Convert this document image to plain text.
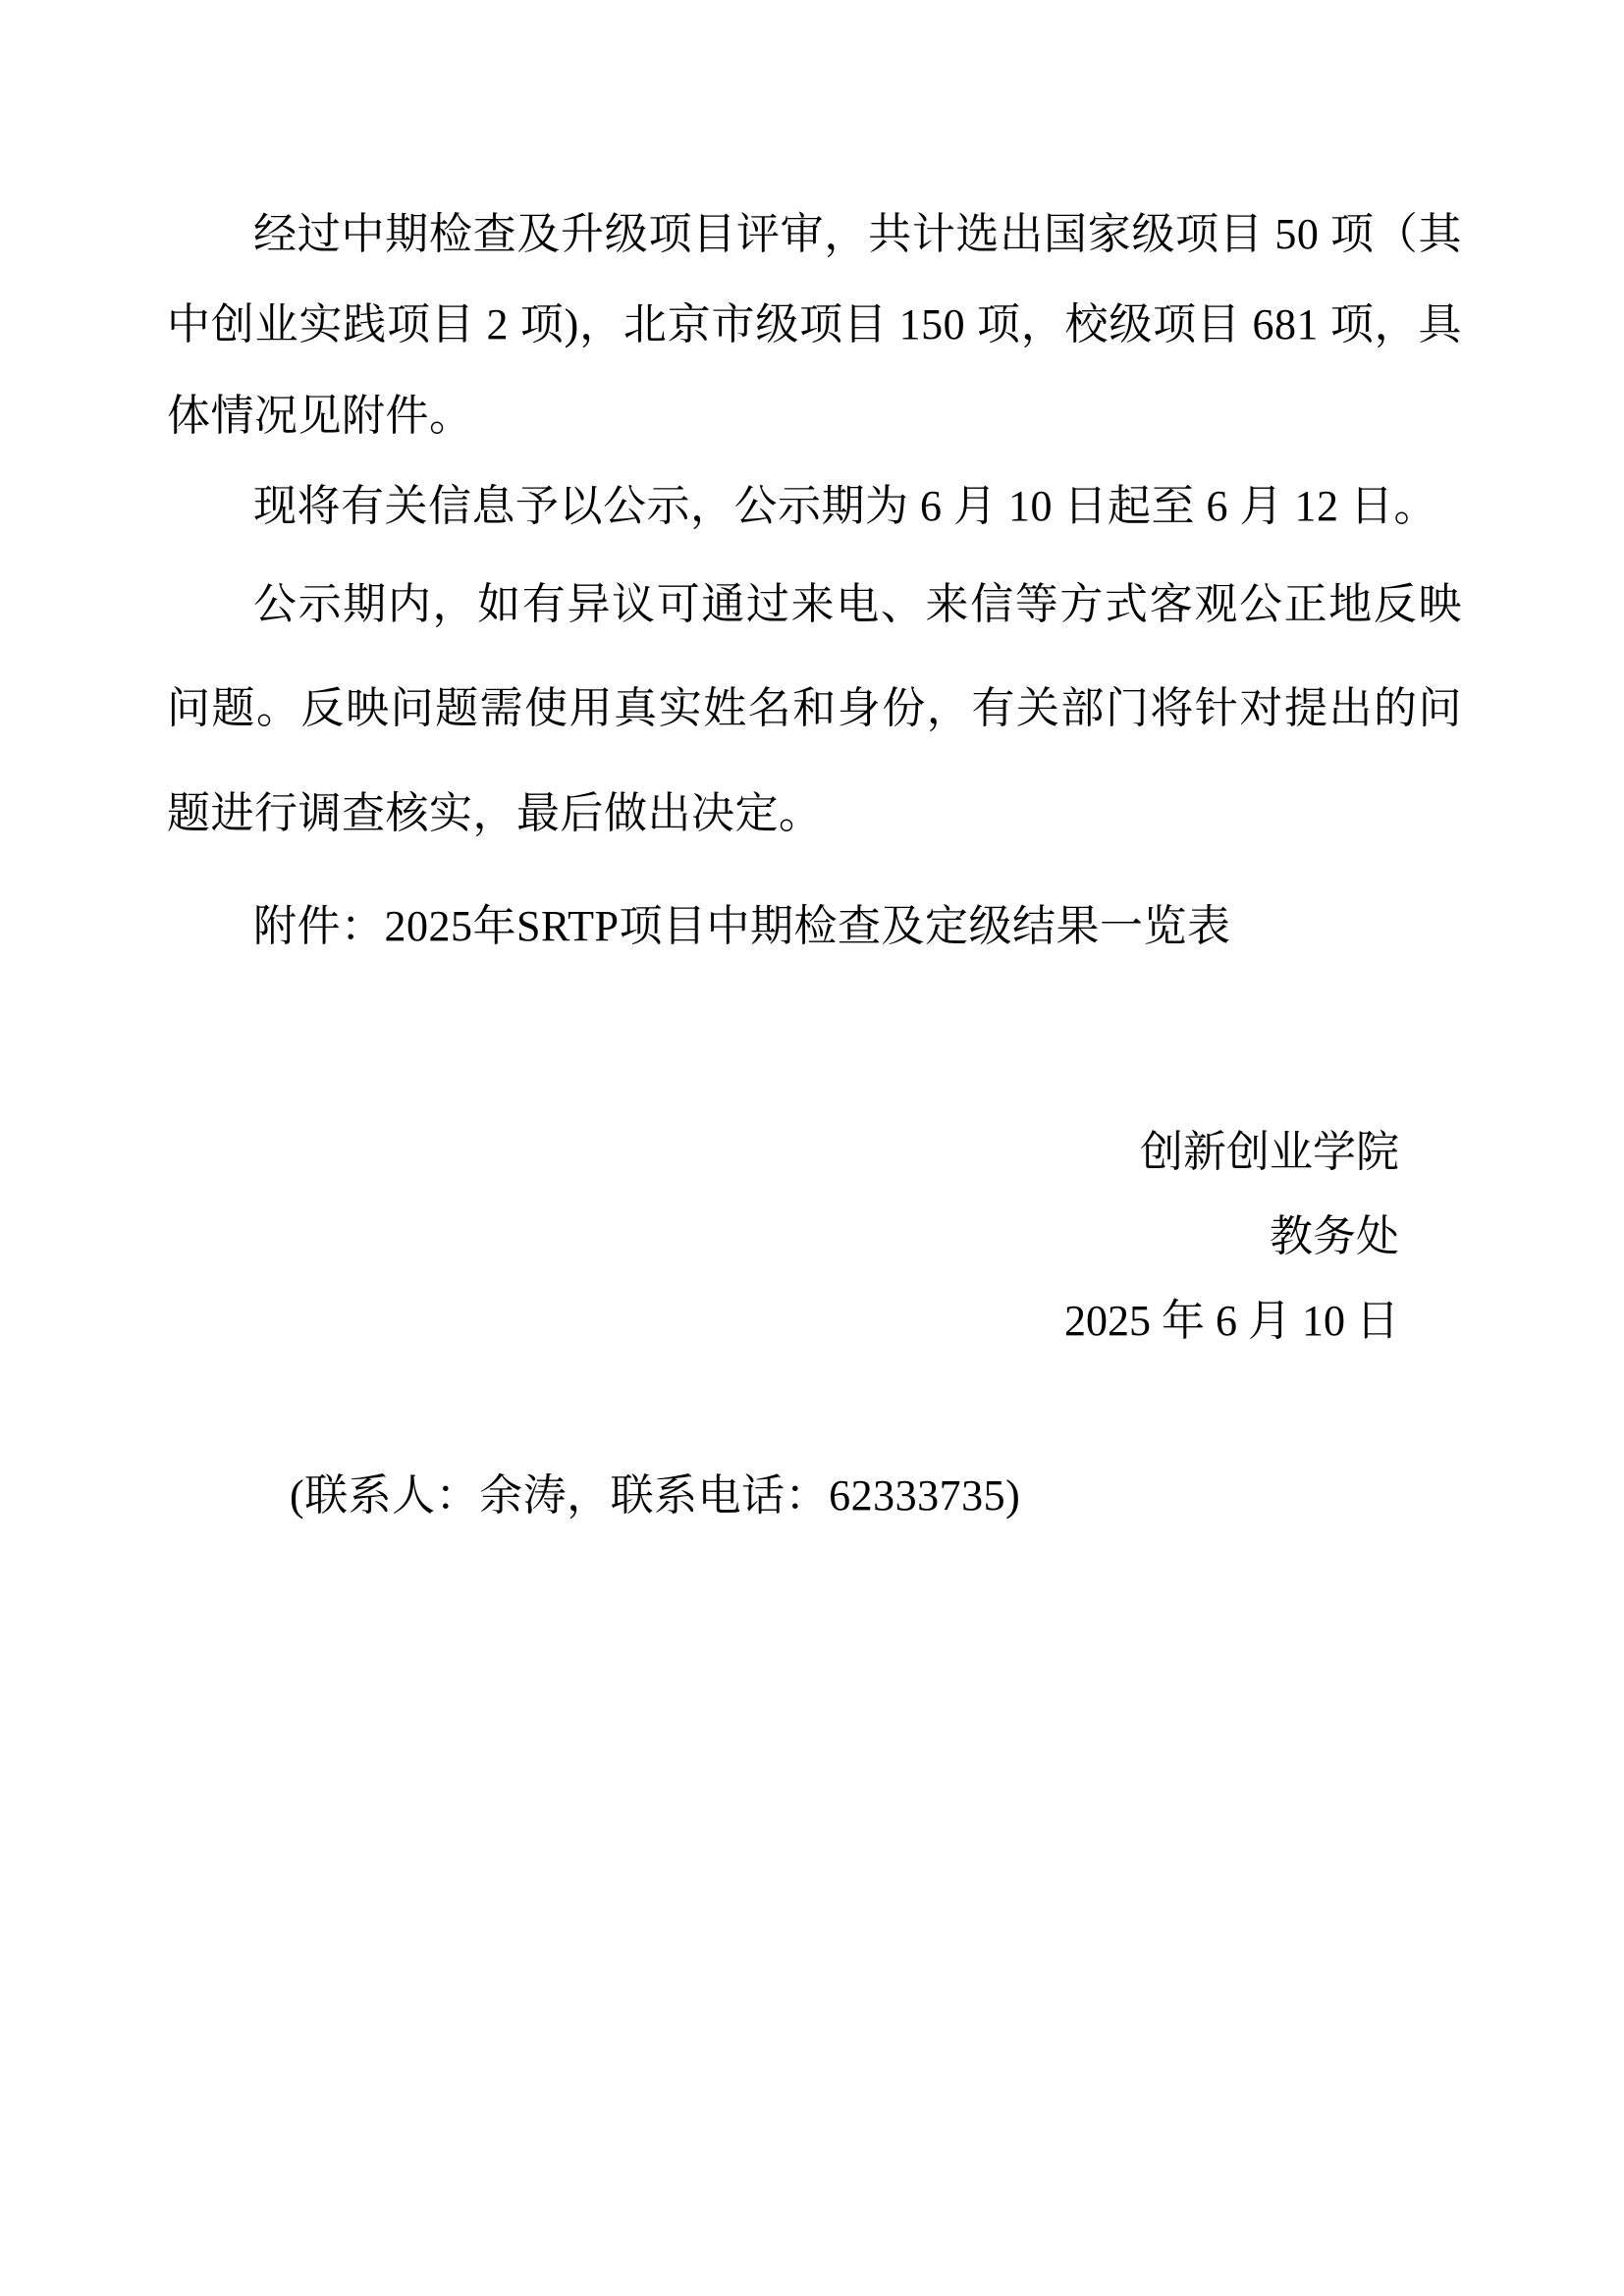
经过中期检查及升级项目评审，共计选出国家级项目 50 项（其中创业实践项目 2 项)，北京市级项目 150 项，校级项目 681 项，具体情况见附件。

现将有关信息予以公示，公示期为 6 月 10 日起至 6 月 12 日。

公示期内，如有异议可通过来电、来信等方式客观公正地反映问题。反映问题需使用真实姓名和身份，有关部门将针对提出的问题进行调查核实，最后做出决定。

附件：2025年SRTP项目中期检查及定级结果一览表

创新创业学院

教务处

2025 年 6 月 10 日

(联系人：余涛，联系电话：62333735)
